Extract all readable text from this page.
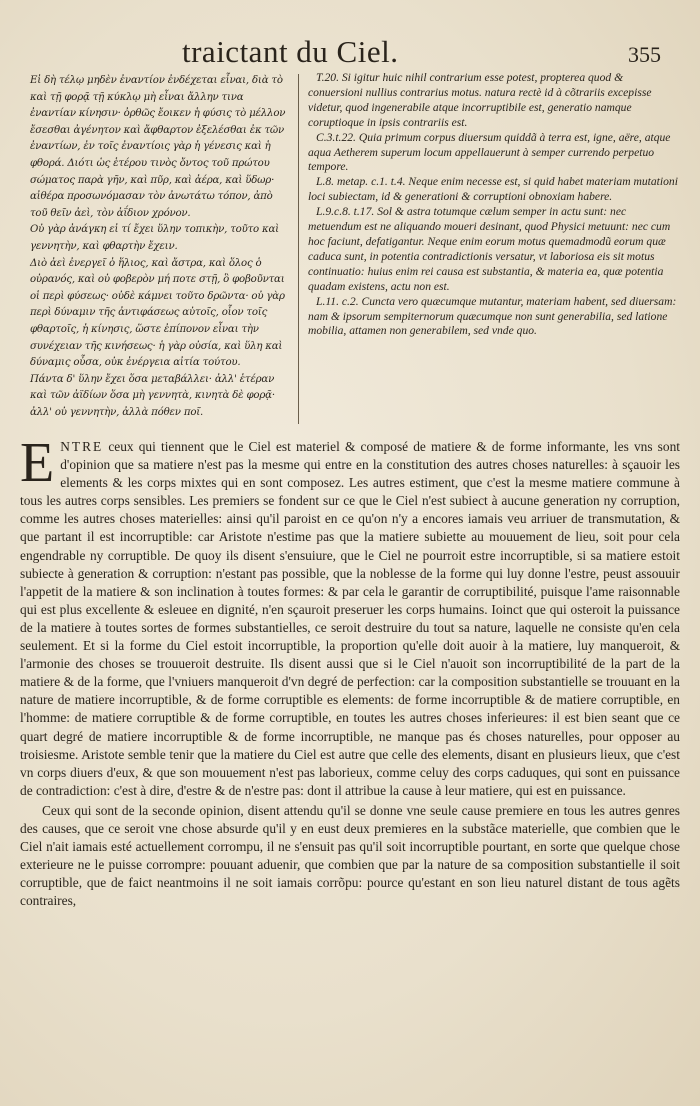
traictant du Ciel.	355

Εἰ δὴ τέλῳ μηδὲν ἐναντίον ἐνδέχεται εἶναι, διὰ τὸ καὶ τῇ φορᾷ τῇ κύκλῳ μὴ εἶναι ἄλλην τινα ἐναντίαν κίνησιν· ὀρθῶς ἔοικεν ἡ φύσις τὸ μέλλον ἔσεσθαι ἀγένητον καὶ ἄφθαρτον ἐξελέσθαι ἐκ τῶν ἐναντίων, ἐν τοῖς ἐναντίοις γὰρ ἡ γένεσις καὶ ἡ φθορά. Διότι ὡς ἑτέρου τινὸς ὄντος τοῦ πρώτου σώματος παρὰ γῆν, καὶ πῦρ, καὶ ἀέρα, καὶ ὕδωρ· αἰθέρα προσωνόμασαν τὸν ἀνωτάτω τόπον, ἀπὸ τοῦ θεῖν ἀεὶ, τὸν ἀΐδιον χρόνον.

Οὐ γὰρ ἀνάγκη εἰ τί ἔχει ὕλην τοπικὴν, τοῦτο καὶ γεννητὴν, καὶ φθαρτὴν ἔχειν.

Διὸ ἀεὶ ἐνεργεῖ ὁ ἥλιος, καὶ ἄστρα, καὶ ὅλος ὁ οὐρανός, καὶ οὐ φοβερὸν μή ποτε στῇ, ὃ φοβοῦνται οἱ περὶ φύσεως· οὐδὲ κάμνει τοῦτο δρῶντα· οὐ γὰρ περὶ δύναμιν τῆς ἀντιφάσεως αὐτοῖς, οἷον τοῖς φθαρτοῖς, ἡ κίνησις, ὥστε ἐπίπονον εἶναι τὴν συνέχειαν τῆς κινήσεως· ἡ γὰρ οὐσία, καὶ ὕλη καὶ δύναμις οὖσα, οὐκ ἐνέργεια αἰτία τούτου.

Πάντα δ' ὕλην ἔχει ὅσα μεταβάλλει· ἀλλ' ἑτέραν καὶ τῶν ἀϊδίων ὅσα μὴ γεννητὰ, κινητὰ δὲ φορᾷ· ἀλλ' οὐ γεννητὴν, ἀλλὰ πόθεν ποῖ.

T.20. Si igitur huic nihil contrarium esse potest, propterea quod & conuersioni nullius contrarius motus. natura rectè id à cõtrariis excepisse videtur, quod ingenerabile atque incorruptibile est, generatio namque coruptioque in ipsis contrariis est.

C.3.t.22. Quia primum corpus diuersum quiddã à terra est, igne, aëre, atque aqua Aetherem superum locum appellauerunt à semper currendo perpetuo tempore.

L.8. metap. c.1. t.4. Neque enim necesse est, si quid habet materiam mutationi loci subiectam, id & generationi & corruptioni obnoxiam habere.

L.9.c.8. t.17. Sol & astra totumque cælum semper in actu sunt: nec metuendum est ne aliquando moueri desinant, quod Physici metuunt: nec cum hoc faciunt, defatigantur. Neque enim eorum motus quemadmodũ eorum quæ caduca sunt, in potentia contradictionis versatur, vt laboriosa eis sit motus continuatio: huius enim rei causa est substantia, & materia ea, quæ potentia quadam existens, actu non est.

L.11. c.2. Cuncta vero quæcumque mutantur, materiam habent, sed diuersam: nam & ipsorum sempiternorum quæcumque non sunt generabilia, sed latione mobilia, attamen non generabilem, sed vnde quo.

ENTRE ceux qui tiennent que le Ciel est materiel & composé de matiere & de forme informante, les vns sont d'opinion que sa matiere n'est pas la mesme qui entre en la constitution des autres choses naturelles: à sçauoir les elements & les corps mixtes qui en sont composez. Les autres estiment, que c'est la mesme matiere commune à tous les autres corps sensibles. Les premiers se fondent sur ce que le Ciel n'est subiect à aucune generation ny corruption, comme les autres choses materielles: ainsi qu'il paroist en ce qu'on n'y a encores iamais veu arriuer de transmutation, & que partant il est incorruptible: car Aristote n'estime pas que la matiere subiette au mouuement de lieu, soit pour cela engendrable ny corruptible. De quoy ils disent s'ensuiure, que le Ciel ne pourroit estre incorruptible, si sa matiere estoit subiecte à generation & corruption: n'estant pas possible, que la noblesse de la forme qui luy donne l'estre, peust assouuir l'appetit de la matiere & son inclination à toutes formes: & par cela le garantir de corruptibilité, puisque l'ame raisonnable qui est plus excellente & esleuee en dignité, n'en sçauroit preseruer les corps humains. Ioinct que qui osteroit la puissance de la matiere à toutes sortes de formes substantielles, ce seroit destruire du tout sa nature, laquelle ne consiste qu'en cela seulement. Et si la forme du Ciel estoit incorruptible, la proportion qu'elle doit auoir à la matiere, luy manqueroit, & l'armonie des choses se trouueroit destruite. Ils disent aussi que si le Ciel n'auoit son incorruptibilité de la part de la matiere & de la forme, que l'vniuers manqueroit d'vn degré de perfection: car la composition substantielle se trouuant en la nature de matiere incorruptible, & de forme corruptible es elements: de forme incorruptible & de matiere corruptible, en l'homme: de matiere corruptible & de forme corruptible, en toutes les autres choses inferieures: il est bien seant que ce quart degré de matiere incorruptible & de forme incorruptible, ne manque pas és choses naturelles, pour opposer au troisiesme. Aristote semble tenir que la matiere du Ciel est autre que celle des elements, disant en plusieurs lieux, que c'est vn corps diuers d'eux, & que son mouuement n'est pas laborieux, comme celuy des corps caduques, qui sont en puissance de contradiction: c'est à dire, d'estre & de n'estre pas: dont il attribue la cause à leur matiere, qui est en puissance.

Ceux qui sont de la seconde opinion, disent attendu qu'il se donne vne seule cause premiere en tous les autres genres des causes, que ce seroit vne chose absurde qu'il y en eust deux premieres en la substãce materielle, que combien que le Ciel n'ait iamais esté actuellement corrompu, il ne s'ensuit pas qu'il soit incorruptible pourtant, en sorte que quelque chose exterieure ne le puisse corrompre: pouuant aduenir, que combien que par la nature de sa composition substantielle il soit corruptible, que de faict neantmoins il ne soit iamais corrõpu: pource qu'estant en son lieu naturel distant de tous agẽts contraires,
